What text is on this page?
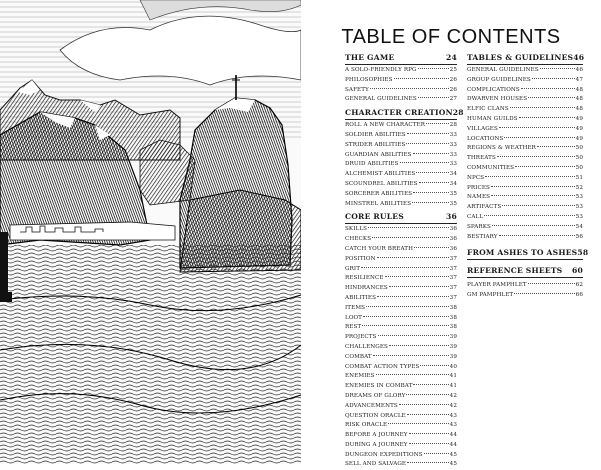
TABLE OF CONTENTS
THE GAME	24
A SOLO-FRIENDLY RPG	25
PHILOSOPHIES	26
SAFETY	26
GENERAL GUIDELINES	27
CHARACTER CREATION 28
ROLL A NEW CHARACTER	28
SOLDIER ABILITIES	33
STRIDER ABILITIES	33
GUARDIAN ABILITIES	33
DRUID ABILITIES	33
ALCHEMIST ABILITIES	34
SCOUNDREL ABILITIES	34
SORCERER ABILITIES	35
MINSTREL ABILITIES	35
CORE RULES	36
SKILLS	36
CHECKS	36
CATCH YOUR BREATH	36
POSITION	37
GRIT	37
RESILIENCE	37
HINDRANCES	37
ABILITIES	37
ITEMS	38
LOOT	38
REST	38
PROJECTS	39
CHALLENGES	39
COMBAT	39
COMBAT ACTION TYPES	40
ENEMIES	41
ENEMIES IN COMBAT	41
DREAMS OF GLORY	42
ADVANCEMENTS	42
QUESTION ORACLE	43
RISK ORACLE	43
BEFORE A JOURNEY	44
DURING A JOURNEY	44
DUNGEON EXPEDITIONS	45
SELL AND SALVAGE	45
TABLES & GUIDELINES 46
GENERAL GUIDELINES	46
GROUP GUIDELINES	47
COMPLICATIONS	48
DWARVEN HOUSES	48
ELFIC CLANS	48
HUMAN GUILDS	49
VILLAGES	49
LOCATIONS	49
REGIONS & WEATHER	50
THREATS	50
COMMUNITIES	50
NPCS	51
PRICES	52
NAMES	53
ARTIFACTS	53
CALL	53
SPARKS	54
BESTIARY	56
FROM ASHES TO ASHES 58
REFERENCE SHEETS 60
PLAYER PAMPHLET	62
GM PAMPHLET	66
